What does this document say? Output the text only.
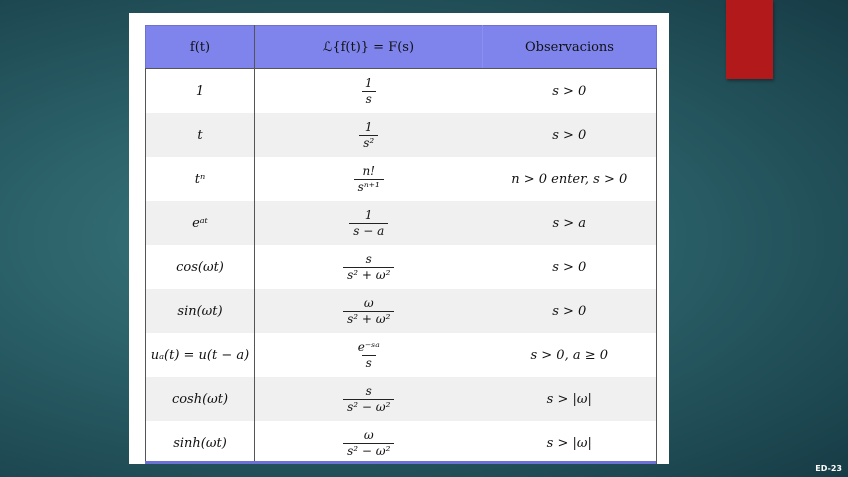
f(t)	ℒ{f(t)} = F(s)	Observacions
1	$\frac{1}{s}$	s > 0
t	$\frac{1}{\text{s²}}$	s > 0
tⁿ	$\frac{n!}{\text{sⁿ⁺¹}}$	n > 0 enter, s > 0
eᵃᵗ	$\frac{1}{s - a}$	s > a
cos(ωt)	$\frac{s}{\text{s² + ω²}}$	s > 0
sin(ωt)	$\frac{\omega}{\text{s² + ω²}}$	s > 0
uₐ(t) = u(t − a)	$\frac{\text{e⁻ˢᵃ}}{s}$	s > 0, a ≥ 0
cosh(ωt)	$\frac{s}{\text{s² − ω²}}$	s > |ω|
sinh(ωt)	$\frac{\omega}{\text{s² − ω²}}$	s > |ω|
ED-23
